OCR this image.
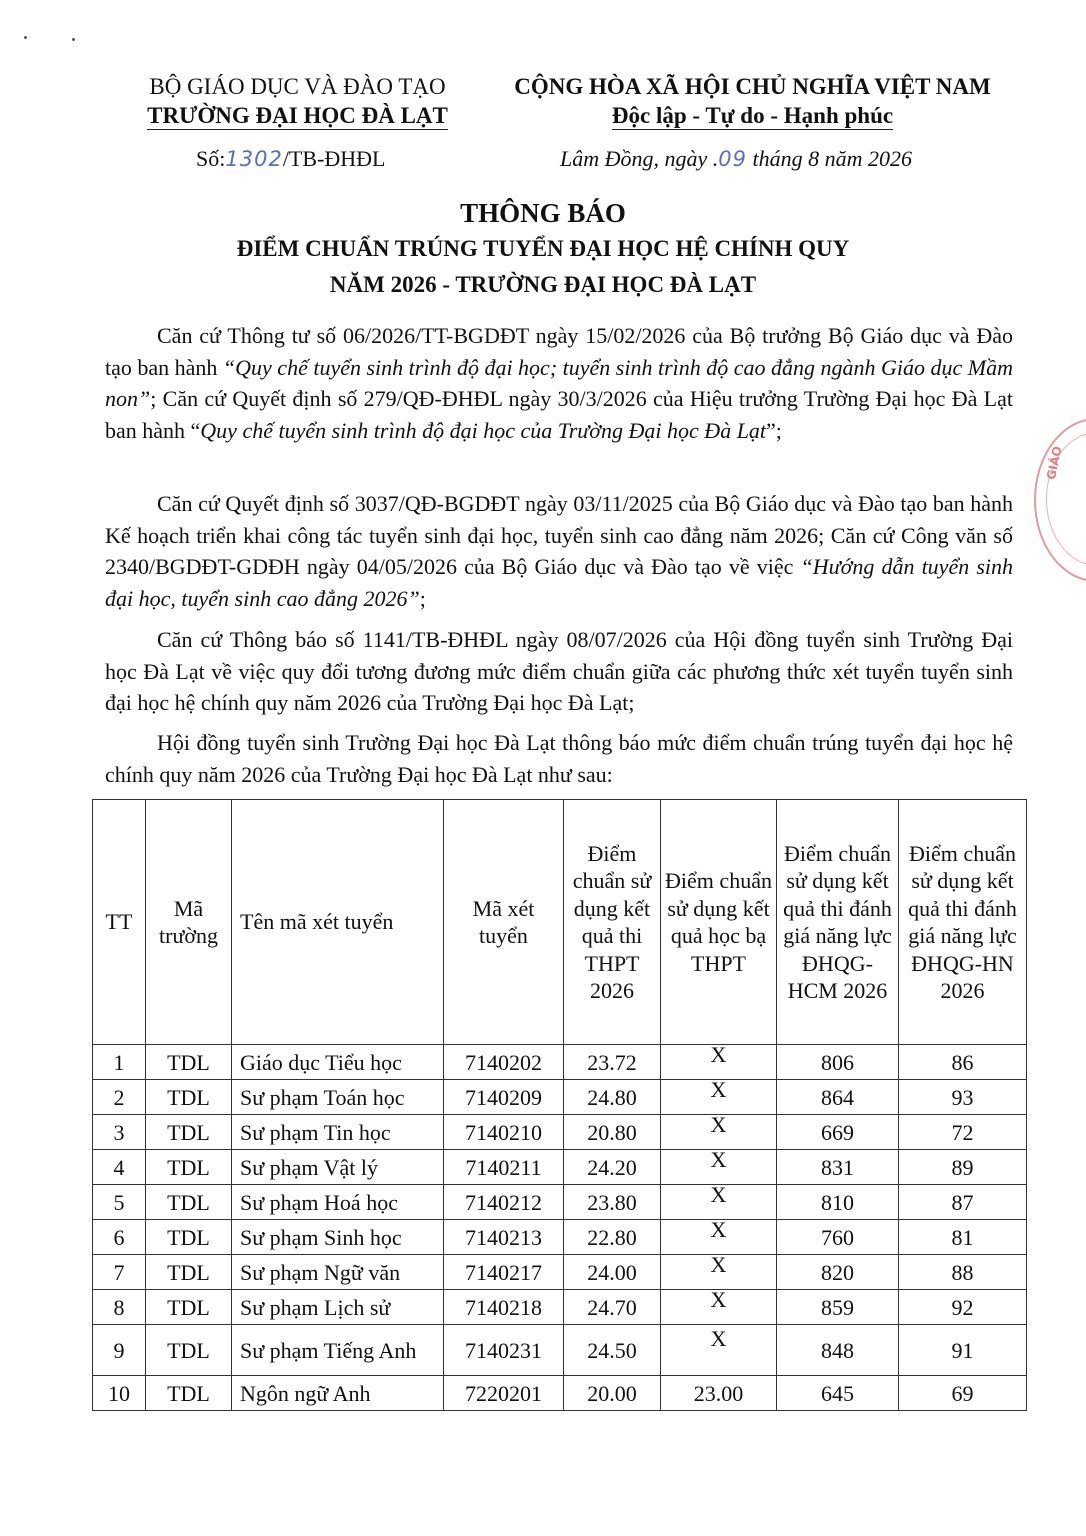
BỘ GIÁO DỤC VÀ ĐÀO TẠO
TRƯỜNG ĐẠI HỌC ĐÀ LẠT
CỘNG HÒA XÃ HỘI CHỦ NGHĨA VIỆT NAM
Độc lập - Tự do - Hạnh phúc
Số:1302/TB-ĐHĐL	Lâm Đồng, ngày .09 tháng 8 năm 2026
THÔNG BÁO
ĐIỂM CHUẨN TRÚNG TUYỂN ĐẠI HỌC HỆ CHÍNH QUY
NĂM 2026 - TRƯỜNG ĐẠI HỌC ĐÀ LẠT

Căn cứ Thông tư số 06/2026/TT-BGDĐT ngày 15/02/2026 của Bộ trưởng Bộ Giáo dục và Đào tạo ban hành “Quy chế tuyển sinh trình độ đại học; tuyển sinh trình độ cao đẳng ngành Giáo dục Mầm non”; Căn cứ Quyết định số 279/QĐ-ĐHĐL ngày 30/3/2026 của Hiệu trưởng Trường Đại học Đà Lạt ban hành “Quy chế tuyển sinh trình độ đại học của Trường Đại học Đà Lạt”;

Căn cứ Quyết định số 3037/QĐ-BGDĐT ngày 03/11/2025 của Bộ Giáo dục và Đào tạo ban hành Kế hoạch triển khai công tác tuyển sinh đại học, tuyển sinh cao đẳng năm 2026; Căn cứ Công văn số 2340/BGDĐT-GDĐH ngày 04/05/2026 của Bộ Giáo dục và Đào tạo về việc “Hướng dẫn tuyển sinh đại học, tuyển sinh cao đẳng 2026”;

Căn cứ Thông báo số 1141/TB-ĐHĐL ngày 08/07/2026 của Hội đồng tuyển sinh Trường Đại học Đà Lạt về việc quy đổi tương đương mức điểm chuẩn giữa các phương thức xét tuyển tuyển sinh đại học hệ chính quy năm 2026 của Trường Đại học Đà Lạt;

Hội đồng tuyển sinh Trường Đại học Đà Lạt thông báo mức điểm chuẩn trúng tuyển đại học hệ chính quy năm 2026 của Trường Đại học Đà Lạt như sau:

TT	Mã trường	Tên mã xét tuyển	Mã xét tuyển	Điểm chuẩn sử dụng kết quả thi THPT 2026	Điểm chuẩn sử dụng kết quả học bạ THPT	Điểm chuẩn sử dụng kết quả thi đánh giá năng lực ĐHQG-HCM 2026	Điểm chuẩn sử dụng kết quả thi đánh giá năng lực ĐHQG-HN 2026
1	TDL	Giáo dục Tiểu học	7140202	23.72	X	806	86
2	TDL	Sư phạm Toán học	7140209	24.80	X	864	93
3	TDL	Sư phạm Tin học	7140210	20.80	X	669	72
4	TDL	Sư phạm Vật lý	7140211	24.20	X	831	89
5	TDL	Sư phạm Hoá học	7140212	23.80	X	810	87
6	TDL	Sư phạm Sinh học	7140213	22.80	X	760	81
7	TDL	Sư phạm Ngữ văn	7140217	24.00	X	820	88
8	TDL	Sư phạm Lịch sử	7140218	24.70	X	859	92
9	TDL	Sư phạm Tiếng Anh	7140231	24.50	X	848	91
10	TDL	Ngôn ngữ Anh	7220201	20.00	23.00	645	69
GIÁO
